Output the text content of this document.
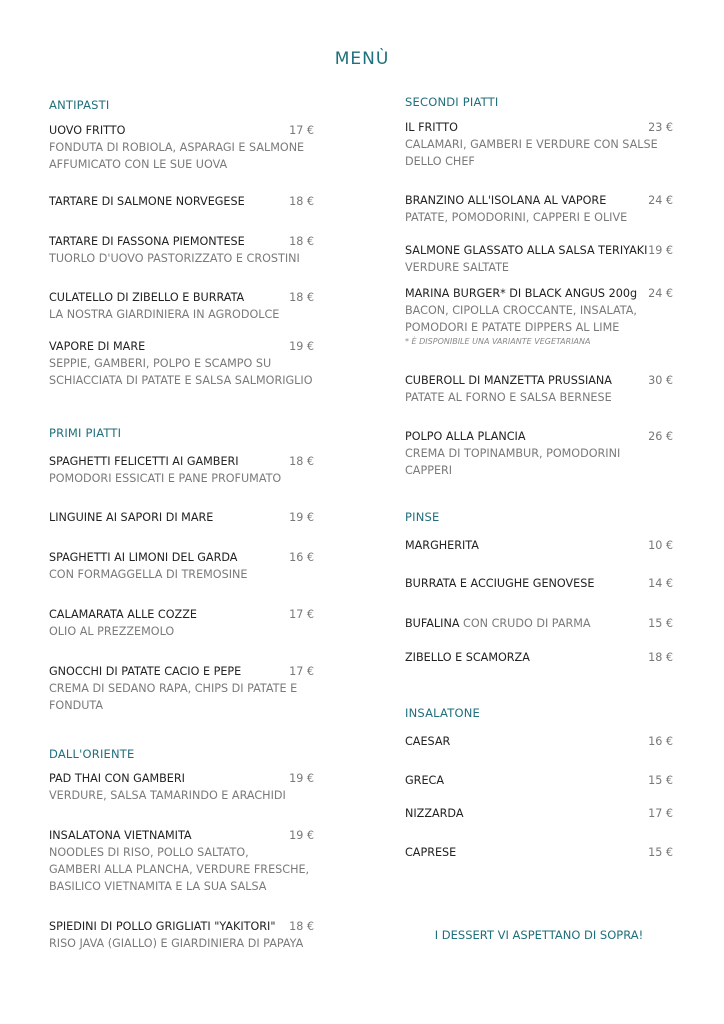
MENÙ
ANTIPASTI
UOVO FRITTO	17 €
FONDUTA DI ROBIOLA, ASPARAGI E SALMONE
AFFUMICATO CON LE SUE UOVA
TARTARE DI SALMONE NORVEGESE	18 €
TARTARE DI FASSONA PIEMONTESE	18 €
TUORLO D'UOVO PASTORIZZATO E CROSTINI
CULATELLO DI ZIBELLO E BURRATA	18 €
LA NOSTRA GIARDINIERA IN AGRODOLCE
VAPORE DI MARE	19 €
SEPPIE, GAMBERI, POLPO E SCAMPO SU
SCHIACCIATA DI PATATE E SALSA SALMORIGLIO
PRIMI PIATTI
SPAGHETTI FELICETTI AI GAMBERI	18 €
POMODORI ESSICATI E PANE PROFUMATO
LINGUINE AI SAPORI DI MARE	19 €
SPAGHETTI AI LIMONI DEL GARDA	16 €
CON FORMAGGELLA DI TREMOSINE
CALAMARATA ALLE COZZE	17 €
OLIO AL PREZZEMOLO
GNOCCHI DI PATATE CACIO E PEPE	17 €
CREMA DI SEDANO RAPA, CHIPS DI PATATE E
FONDUTA
DALL'ORIENTE
PAD THAI CON GAMBERI	19 €
VERDURE, SALSA TAMARINDO E ARACHIDI
INSALATONA VIETNAMITA	19 €
NOODLES DI RISO, POLLO SALTATO,
GAMBERI ALLA PLANCHA, VERDURE FRESCHE,
BASILICO VIETNAMITA E LA SUA SALSA
SPIEDINI DI POLLO GRIGLIATI "YAKITORI"	18 €
RISO JAVA (GIALLO) E GIARDINIERA DI PAPAYA
SECONDI PIATTI
IL FRITTO	23 €
CALAMARI, GAMBERI E VERDURE CON SALSE
DELLO CHEF
BRANZINO ALL'ISOLANA AL VAPORE	24 €
PATATE, POMODORINI, CAPPERI E OLIVE
SALMONE GLASSATO ALLA SALSA TERIYAKI 19 €
VERDURE SALTATE
MARINA BURGER* DI BLACK ANGUS 200g 24 €
BACON, CIPOLLA CROCCANTE, INSALATA,
POMODORI E PATATE DIPPERS AL LIME
* È DISPONIBILE UNA VARIANTE VEGETARIANA
CUBEROLL DI MANZETTA PRUSSIANA	30 €
PATATE AL FORNO E SALSA BERNESE
POLPO ALLA PLANCIA	26 €
CREMA DI TOPINAMBUR, POMODORINI
CAPPERI
PINSE
MARGHERITA	10 €
BURRATA E ACCIUGHE GENOVESE	14 €
BUFALINA CON CRUDO DI PARMA	15 €
ZIBELLO E SCAMORZA	18 €
INSALATONE
CAESAR	16 €
GRECA	15 €
NIZZARDA	17 €
CAPRESE	15 €
I DESSERT VI ASPETTANO DI SOPRA!
